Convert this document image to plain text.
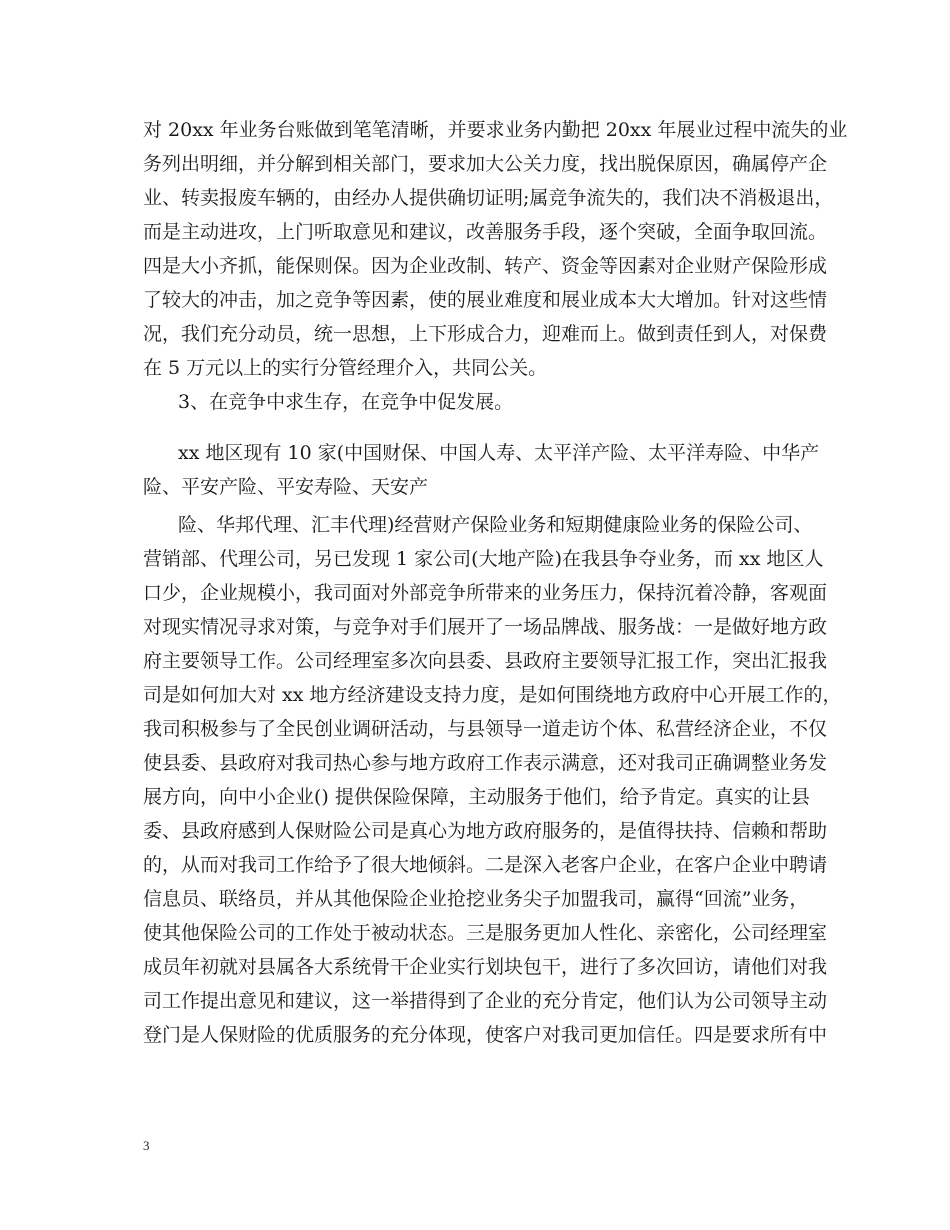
对 20xx 年业务台账做到笔笔清晰，并要求业务内勤把 20xx 年展业过程中流失的业
务列出明细，并分解到相关部门，要求加大公关力度，找出脱保原因，确属停产企
业、转卖报废车辆的，由经办人提供确切证明;属竞争流失的，我们决不消极退出，
而是主动进攻，上门听取意见和建议，改善服务手段，逐个突破，全面争取回流。
四是大小齐抓，能保则保。因为企业改制、转产、资金等因素对企业财产保险形成
了较大的冲击，加之竞争等因素，使的展业难度和展业成本大大增加。针对这些情
况，我们充分动员，统一思想，上下形成合力，迎难而上。做到责任到人，对保费
在 5 万元以上的实行分管经理介入，共同公关。
3、在竞争中求生存，在竞争中促发展。
xx 地区现有 10 家(中国财保、中国人寿、太平洋产险、太平洋寿险、中华产
险、平安产险、平安寿险、天安产
险、华邦代理、汇丰代理)经营财产保险业务和短期健康险业务的保险公司、
营销部、代理公司，另已发现 1 家公司(大地产险)在我县争夺业务，而 xx 地区人
口少，企业规模小，我司面对外部竞争所带来的业务压力，保持沉着冷静，客观面
对现实情况寻求对策，与竞争对手们展开了一场品牌战、服务战：一是做好地方政
府主要领导工作。公司经理室多次向县委、县政府主要领导汇报工作，突出汇报我
司是如何加大对 xx 地方经济建设支持力度，是如何围绕地方政府中心开展工作的，
我司积极参与了全民创业调研活动，与县领导一道走访个体、私营经济企业，不仅
使县委、县政府对我司热心参与地方政府工作表示满意，还对我司正确调整业务发
展方向，向中小企业() 提供保险保障，主动服务于他们，给予肯定。真实的让县
委、县政府感到人保财险公司是真心为地方政府服务的，是值得扶持、信赖和帮助
的，从而对我司工作给予了很大地倾斜。二是深入老客户企业，在客户企业中聘请
信息员、联络员，并从其他保险企业抢挖业务尖子加盟我司，赢得“回流”业务，
使其他保险公司的工作处于被动状态。三是服务更加人性化、亲密化，公司经理室
成员年初就对县属各大系统骨干企业实行划块包干，进行了多次回访，请他们对我
司工作提出意见和建议，这一举措得到了企业的充分肯定，他们认为公司领导主动
登门是人保财险的优质服务的充分体现，使客户对我司更加信任。四是要求所有中
3
